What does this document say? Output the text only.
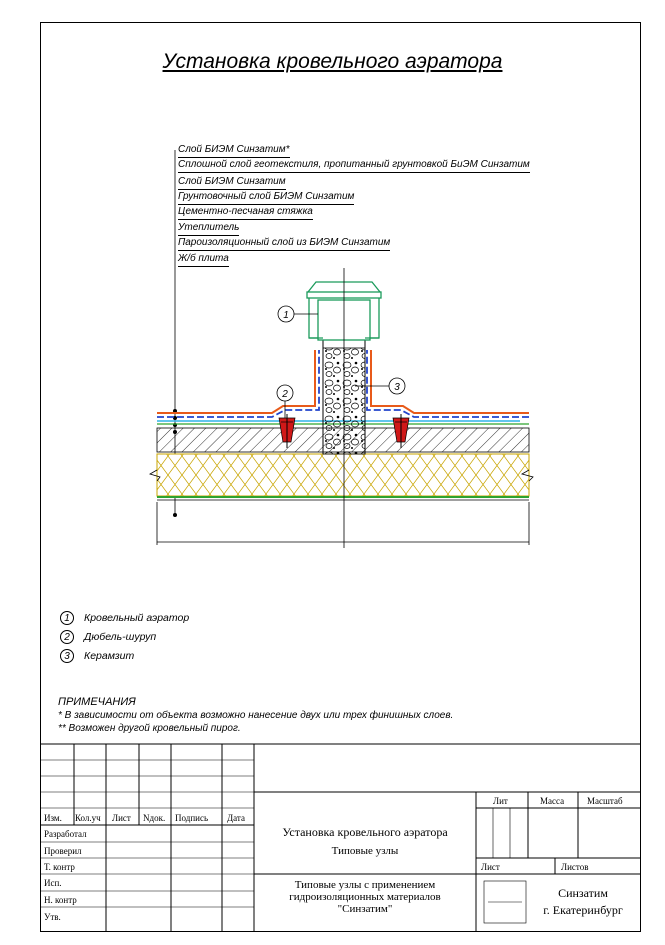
Установка кровельного аэратора
Слой БИЭМ Синзатим*
Сплошной слой геотекстиля, пропитанный грунтовкой БиЭМ Синзатим
Слой БИЭМ Синзатим
Грунтовочный слой БИЭМ Синзатим
Цементно-песчаная стяжка
Утеплитель
Пароизоляционный слой из БИЭМ Синзатим
Ж/б плита
1
2
3
1	Кровельный аэратор
2	Дюбель-шуруп
3	Керамзит
ПРИМЕЧАНИЯ
* В зависимости от объекта возможно нанесение двух или трех финишных слоев.
** Возможен другой кровельный пирог.
Изм. Кол.уч Лист Nдок. Подпись Дата
Разработал
Проверил
Т. контр
Исп.
Н. контр
Утв.
Установка кровельного аэратора
Типовые узлы
Типовые узлы с применением гидроизоляционных материалов "Синзатим"
Лит	Масса	Масштаб
Лист	Листов
Синзатим
г. Екатеринбург
